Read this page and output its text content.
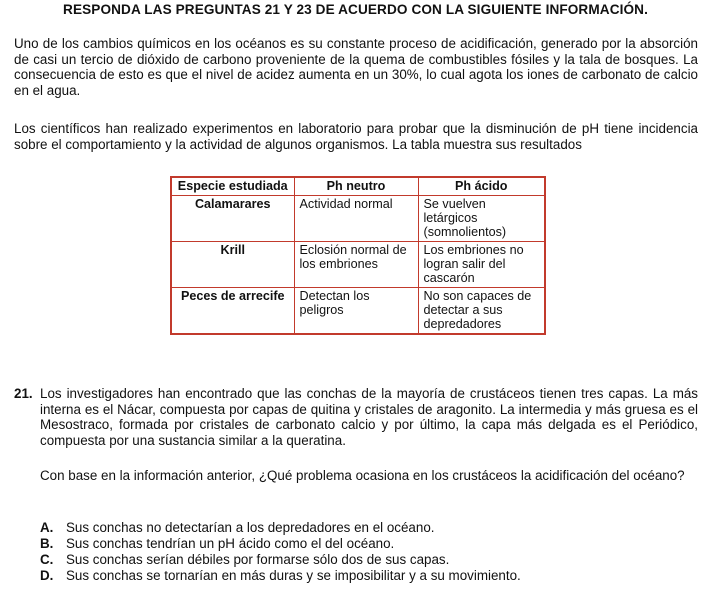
RESPONDA LAS PREGUNTAS 21 Y 23 DE ACUERDO CON LA SIGUIENTE INFORMACIÓN.

Uno de los cambios químicos en los océanos es su constante proceso de acidificación, generado por la absorción de casi un tercio de dióxido de carbono proveniente de la quema de combustibles fósiles y la tala de bosques. La consecuencia de esto es que el nivel de acidez aumenta en un 30%, lo cual agota los iones de carbonato de calcio en el agua.

Los científicos han realizado experimentos en laboratorio para probar que la disminución de pH tiene incidencia sobre el comportamiento y la actividad de algunos organismos. La tabla muestra sus resultados

Especie estudiada	Ph neutro	Ph ácido
Calamarares	Actividad normal	Se vuelven letárgicos (somnolientos)
Krill	Eclosión normal de los embriones	Los embriones no logran salir del cascarón
Peces de arrecife	Detectan los peligros	No son capaces de detectar a sus depredadores
21. Los investigadores han encontrado que las conchas de la mayoría de crustáceos tienen tres capas. La más interna es el Nácar, compuesta por capas de quitina y cristales de aragonito. La intermedia y más gruesa es el Mesostraco, formada por cristales de carbonato calcio y por último, la capa más delgada es el Periódico, compuesta por una sustancia similar a la queratina.

Con base en la información anterior, ¿Qué problema ocasiona en los crustáceos la acidificación del océano?

A. Sus conchas no detectarían a los depredadores en el océano.
B. Sus conchas tendrían un pH ácido como el del océano.
C. Sus conchas serían débiles por formarse sólo dos de sus capas.
D. Sus conchas se tornarían en más duras y se imposibilitar y a su movimiento.
